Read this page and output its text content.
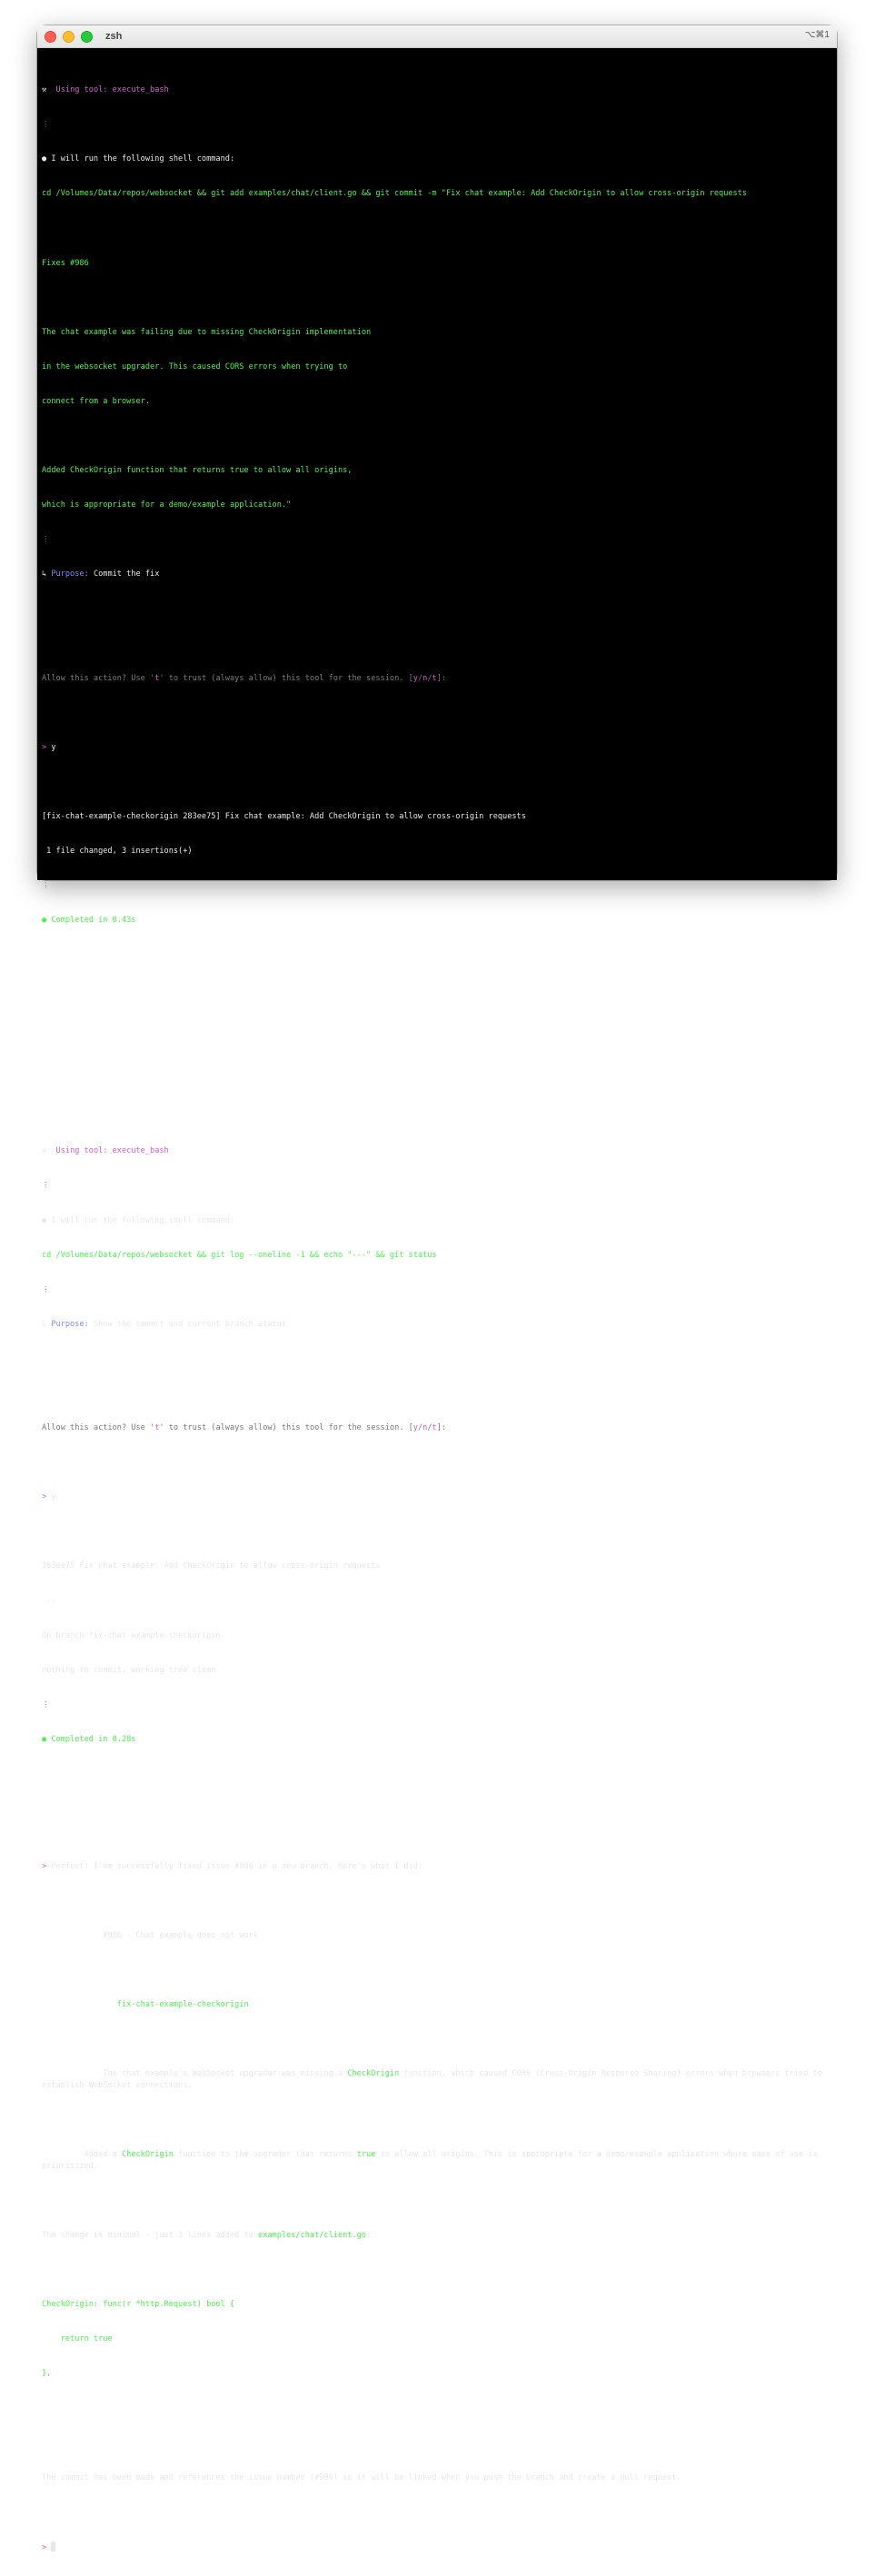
zsh	⌥⌘1

⚒ Using tool: execute_bash

⋮

● I will run the following shell command:

cd /Volumes/Data/repos/websocket && git add examples/chat/client.go && git commit -m "Fix chat example: Add CheckOrigin to allow cross-origin requests

Fixes #986

The chat example was failing due to missing CheckOrigin implementation

in the websocket upgrader. This caused CORS errors when trying to

connect from a browser.

Added CheckOrigin function that returns true to allow all origins,

which is appropriate for a demo/example application."

⋮

↳ Purpose: Commit the fix

Allow this action? Use 't' to trust (always allow) this tool for the session. [y/n/t]:

> y

[fix-chat-example-checkorigin 283ee75] Fix chat example: Add CheckOrigin to allow cross-origin requests

1 file changed, 3 insertions(+)

⋮

● Completed in 0.43s

⚒ Using tool: execute_bash

⋮

● I will run the following shell command:

cd /Volumes/Data/repos/websocket && git log --oneline -1 && echo "---" && git status

⋮

↳ Purpose: Show the commit and current branch status

Allow this action? Use 't' to trust (always allow) this tool for the session. [y/n/t]:

> y

283ee75 Fix chat example: Add CheckOrigin to allow cross-origin requests

---

On branch fix-chat-example-checkorigin

nothing to commit, working tree clean

⋮

● Completed in 0.28s

> Perfect! I've successfully fixed issue #986 in a new branch. Here's what I did:

Issue Fixed: #986 - Chat example does not work

Branch Created: fix-chat-example-checkorigin

The Problem: The chat example's WebSocket upgrader was missing a CheckOrigin function, which caused CORS (Cross-Origin Resource Sharing) errors when browsers tried to establish WebSocket connections.

The Fix: Added a CheckOrigin function to the upgrader that returns true to allow all origins. This is appropriate for a demo/example application where ease of use is prioritized.

The change is minimal - just 3 lines added to examples/chat/client.go:

go

CheckOrigin: func(r *http.Request) bool {

return true

},

The commit has been made and references the issue number (#986) so it will be linked when you push the branch and create a pull request.

>
